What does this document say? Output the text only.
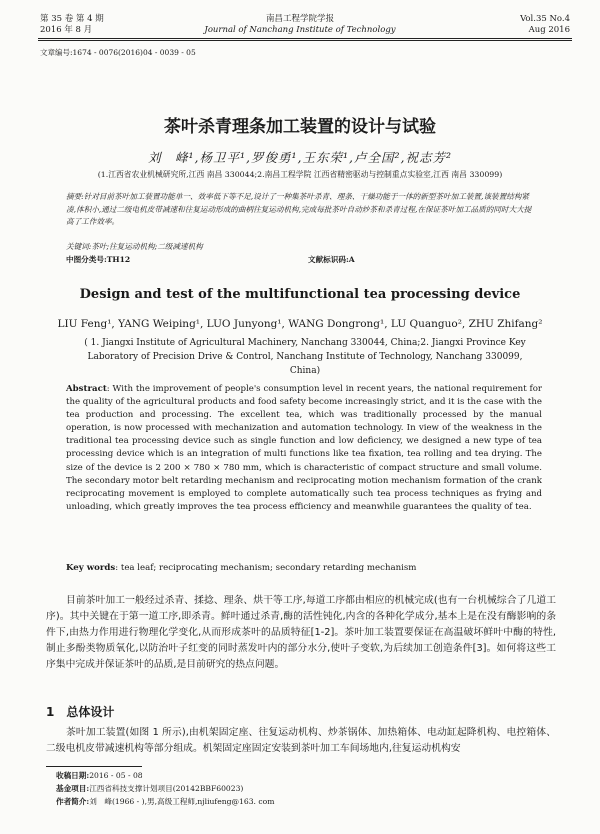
第 35 卷 第 4 期
2016 年 8 月
南昌工程学院学报
Journal of Nanchang Institute of Technology
Vol.35 No.4
Aug 2016
文章编号:1674 - 0076(2016)04 - 0039 - 05
茶叶杀青理条加工装置的设计与试验
刘　峰¹,杨卫平¹,罗俊勇¹,王东荣¹,卢全国²,祝志芳²
(1.江西省农业机械研究所,江西 南昌 330044;2.南昌工程学院 江西省精密驱动与控制重点实验室,江西 南昌 330099)
摘要:针对目前茶叶加工装置功能单一、效率低下等不足,设计了一种集茶叶杀青、理条、干燥功能于一体的新型茶叶加工装置,该装置结构紧凑,体积小,通过二级电机皮带减速和往复运动形成的曲柄往复运动机构,完成每批茶叶自动炒茶和杀青过程,在保证茶叶加工品质的同时大大提高了工作效率。
关键词:茶叶;往复运动机构;二级减速机构
中图分类号:TH12	文献标识码:A
Design and test of the multifunctional tea processing device
LIU Feng¹, YANG Weiping¹, LUO Junyong¹, WANG Dongrong¹, LU Quanguo², ZHU Zhifang²
( 1. Jiangxi Institute of Agricultural Machinery, Nanchang 330044, China;2. Jiangxi Province Key Laboratory of Precision Drive & Control, Nanchang Institute of Technology, Nanchang 330099, China)
Abstract: With the improvement of people's consumption level in recent years, the national requirement for the quality of the agricultural products and food safety become increasingly strict, and it is the case with the tea production and processing. The excellent tea, which was traditionally processed by the manual operation, is now processed with mechanization and automation technology. In view of the weakness in the traditional tea processing device such as single function and low deficiency, we designed a new type of tea processing device which is an integration of multi functions like tea fixation, tea rolling and tea drying. The size of the device is 2 200 × 780 × 780 mm, which is characteristic of compact structure and small volume. The secondary motor belt retarding mechanism and reciprocating motion mechanism formation of the crank reciprocating movement is employed to complete automatically such tea process techniques as frying and unloading, which greatly improves the tea process efficiency and meanwhile guarantees the quality of tea.
Key words: tea leaf; reciprocating mechanism; secondary retarding mechanism
目前茶叶加工一般经过杀青、揉捻、理条、烘干等工序,每道工序都由相应的机械完成(也有一台机械综合了几道工序)。其中关键在于第一道工序,即杀青。鲜叶通过杀青,酶的活性钝化,内含的各种化学成分,基本上是在没有酶影响的条件下,由热力作用进行物理化学变化,从而形成茶叶的品质特征[1-2]。茶叶加工装置要保证在高温破坏鲜叶中酶的特性,制止多酚类物质氧化,以防治叶子红变的同时蒸发叶内的部分水分,使叶子变软,为后续加工创造条件[3]。如何将这些工序集中完成并保证茶叶的品质,是目前研究的热点问题。
1　总体设计
茶叶加工装置(如图 1 所示),由机架固定座、往复运动机构、炒茶锅体、加热箱体、电动缸起降机构、电控箱体、二级电机皮带减速机构等部分组成。机架固定座固定安装到茶叶加工车间场地内,往复运动机构安
收稿日期:2016 - 05 - 08
基金项目:江西省科技支撑计划项目(20142BBF60023)
作者简介:刘　峰(1966 - ),男,高级工程师,njliufeng@163. com
